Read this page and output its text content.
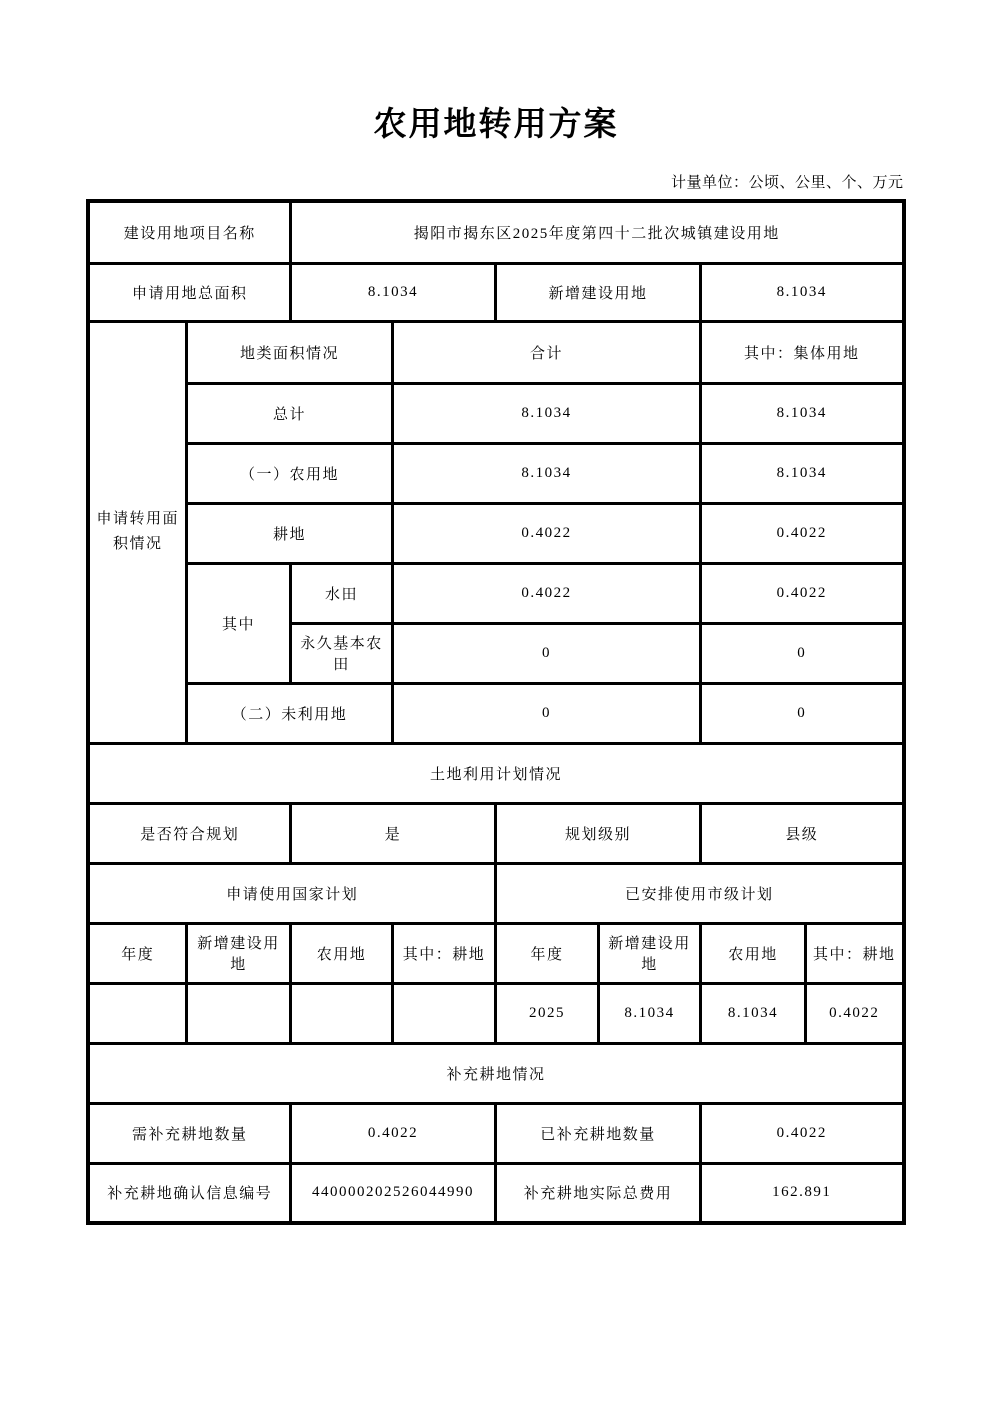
农用地转用方案
计量单位：公顷、公里、个、万元
建设用地项目名称		揭阳市揭东区2025年度第四十二批次城镇建设用地					
申请用地总面积		8.1034		新增建设用地		8.1034	
申请转用面积情况	地类面积情况		合计			其中：集体用地	
	总计		8.1034			8.1034	
	（一）农用地		8.1034			8.1034	
	耕地		0.4022			0.4022	
	其中	水田	0.4022			0.4022	
		永久基本农田	0			0	
	（二）未利用地		0			0	
土地利用计划情况							
是否符合规划		是		规划级别		县级	
申请使用国家计划				已安排使用市级计划			
年度	新增建设用地	农用地	其中：耕地	年度	新增建设用地	农用地	其中：耕地
				2025	8.1034	8.1034	0.4022
补充耕地情况							
需补充耕地数量		0.4022		已补充耕地数量		0.4022	
补充耕地确认信息编号		440000202526044990		补充耕地实际总费用		162.891	
